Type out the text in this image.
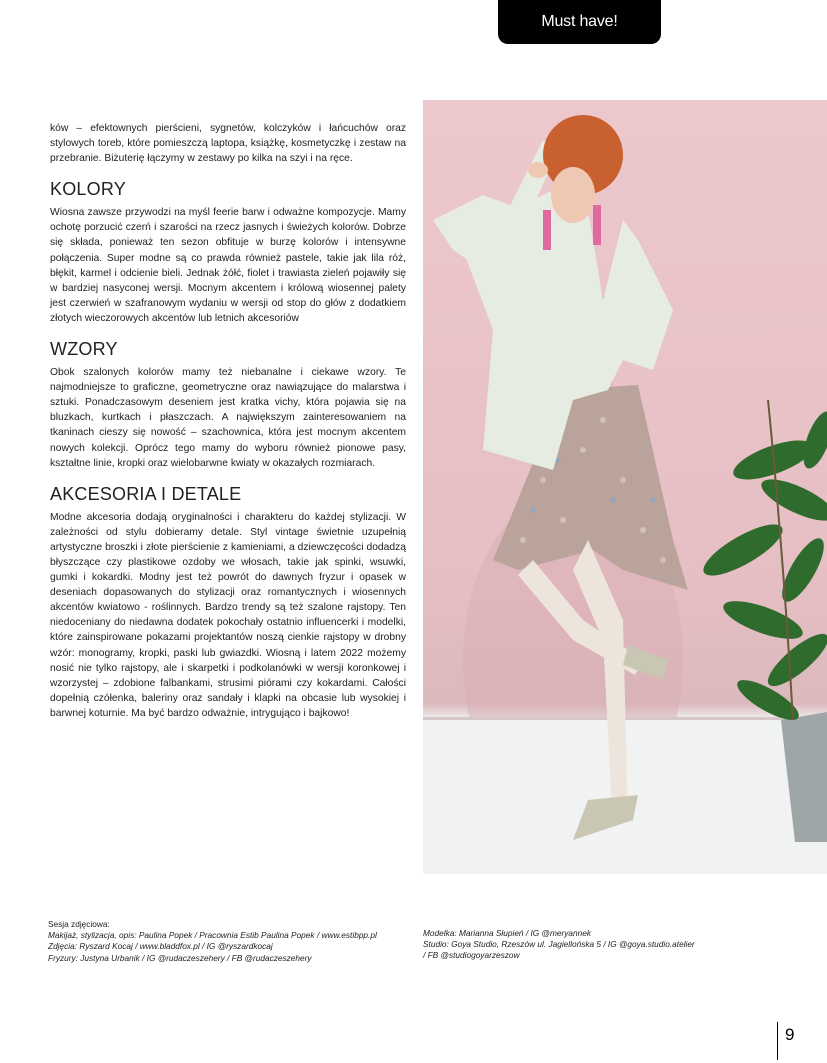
Must have!

ków – efektownych pierścieni, sygnetów, kolczyków i łańcuchów oraz stylowych toreb, które pomieszczą laptopa, książkę, kosmetyczkę i zestaw na przebranie. Biżuterię łączymy w zestawy po kilka na szyi i na ręce.

KOLORY

Wiosna zawsze przywodzi na myśl feerie barw i odważne kompozycje. Mamy ochotę porzucić czerń i szarości na rzecz jasnych i świeżych kolorów. Dobrze się składa, ponieważ ten sezon obfituje w burzę kolorów i intensywne połączenia. Super modne są co prawda również pastele, takie jak lila róż, błękit, karmel i odcienie bieli. Jednak żółć, fiolet i trawiasta zieleń pojawiły się w bardziej nasyconej wersji. Mocnym akcentem i królową wiosennej palety jest czerwień w szafranowym wydaniu w wersji od stop do głów z dodatkiem złotych wieczorowych akcentów lub letnich akcesoriów

WZORY

Obok szalonych kolorów mamy też niebanalne i ciekawe wzory. Te najmodniejsze to graficzne, geometryczne oraz nawiązujące do malarstwa i sztuki. Ponadczasowym deseniem jest kratka vichy, która pojawia się na bluzkach, kurtkach i płaszczach. A największym zainteresowaniem na tkaninach cieszy się nowość – szachownica, która jest mocnym akcentem nowych kolekcji. Oprócz tego mamy do wyboru również pionowe pasy, kształtne linie, kropki oraz wielobarwne kwiaty w okazałych rozmiarach.

AKCESORIA I DETALE

Modne akcesoria dodają oryginalności i charakteru do każdej stylizacji. W zależności od stylu dobieramy detale. Styl vintage świetnie uzupełnią artystyczne broszki i złote pierścienie z kamieniami, a dziewczęcości dodadzą błyszczące czy plastikowe ozdoby we włosach, takie jak spinki, wsuwki, gumki i kokardki. Modny jest też powrót do dawnych fryzur i opasek w deseniach dopasowanych do stylizacji oraz romantycznych i wiosennych akcentów kwiatowo - roślinnych. Bardzo trendy są też szalone rajstopy. Ten niedoceniany do niedawna dodatek pokochały ostatnio influencerki i modelki, które zainspirowane pokazami projektantów noszą cienkie rajstopy w drobny wzór: monogramy, kropki, paski lub gwiazdki. Wiosną i latem 2022 możemy nosić nie tylko rajstopy, ale i skarpetki i podkolanówki w wersji koronkowej i wzorzystej – zdobione falbankami, strusimi piórami czy kokardami. Całości dopełnią czółenka, baleriny oraz sandały i klapki na obcasie lub wysokiej i barwnej koturnie. Ma być bardzo odważnie, intrygująco i bajkowo!

Sesja zdjęciowa:
Makijaż, stylizacja, opis: Paulina Popek / Pracownia Estib Paulina Popek / www.estibpp.pl
Zdjęcia: Ryszard Kocaj / www.bladdfox.pl / IG @ryszardkocaj
Fryzury: Justyna Urbanik / IG @rudaczeszehery / FB @rudaczeszehery
Modelka: Marianna Słupień / IG @meryannek
Studio: Goya Studio, Rzeszów ul. Jagiellońska 5 / IG @goya.studio.atelier
/ FB @studiogoyarzeszow
9
